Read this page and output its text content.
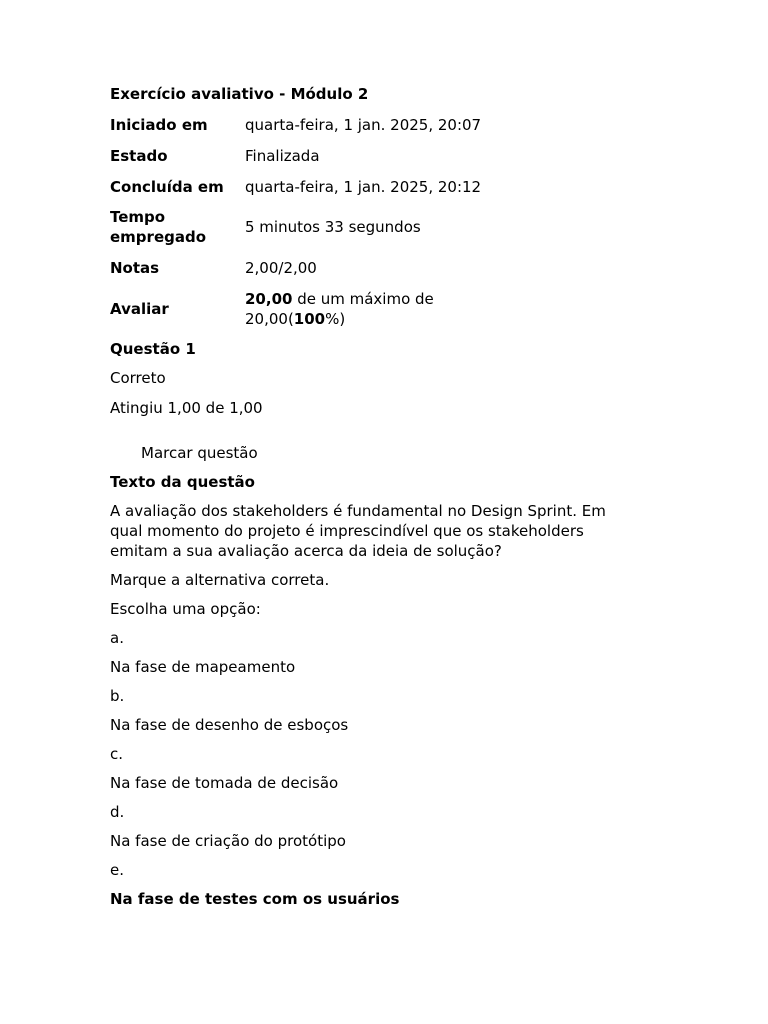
Exercício avaliativo - Módulo 2
Iniciado em	quarta-feira, 1 jan. 2025, 20:07
Estado	Finalizada
Concluída em	quarta-feira, 1 jan. 2025, 20:12
Tempo
empregado	5 minutos 33 segundos
Notas	2,00/2,00
Avaliar	20,00 de um máximo de
20,00(100%)
Questão 1
Correto
Atingiu 1,00 de 1,00
Marcar questão
Texto da questão
A avaliação dos stakeholders é fundamental no Design Sprint. Em
qual momento do projeto é imprescindível que os stakeholders
emitam a sua avaliação acerca da ideia de solução?
Marque a alternativa correta.
Escolha uma opção:
a.
Na fase de mapeamento
b.
Na fase de desenho de esboços
c.
Na fase de tomada de decisão
d.
Na fase de criação do protótipo
e.
Na fase de testes com os usuários
